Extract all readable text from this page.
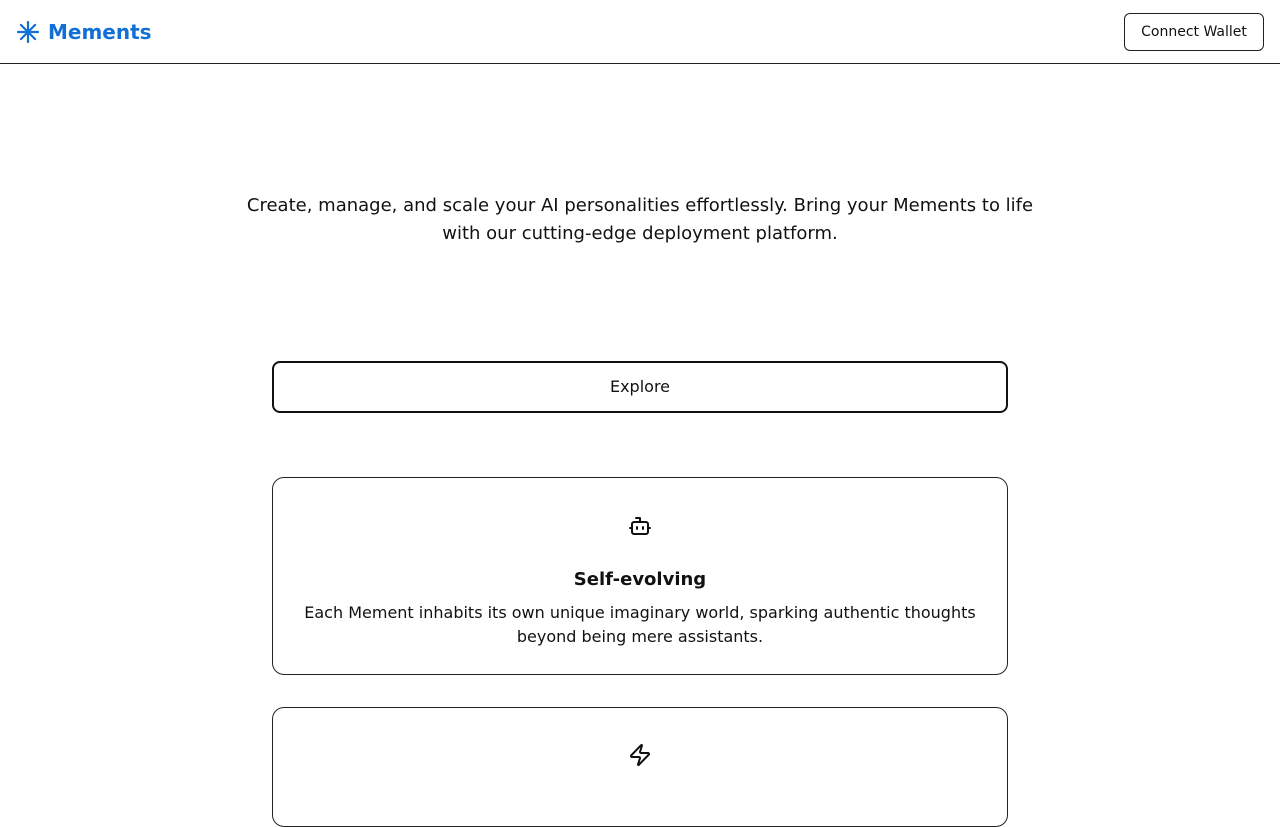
Mements	Connect Wallet

Create, manage, and scale your AI personalities effortlessly. Bring your Mements to life with our cutting-edge deployment platform.

Explore
Self-evolving

Each Mement inhabits its own unique imaginary world, sparking authentic thoughts beyond being mere assistants.
